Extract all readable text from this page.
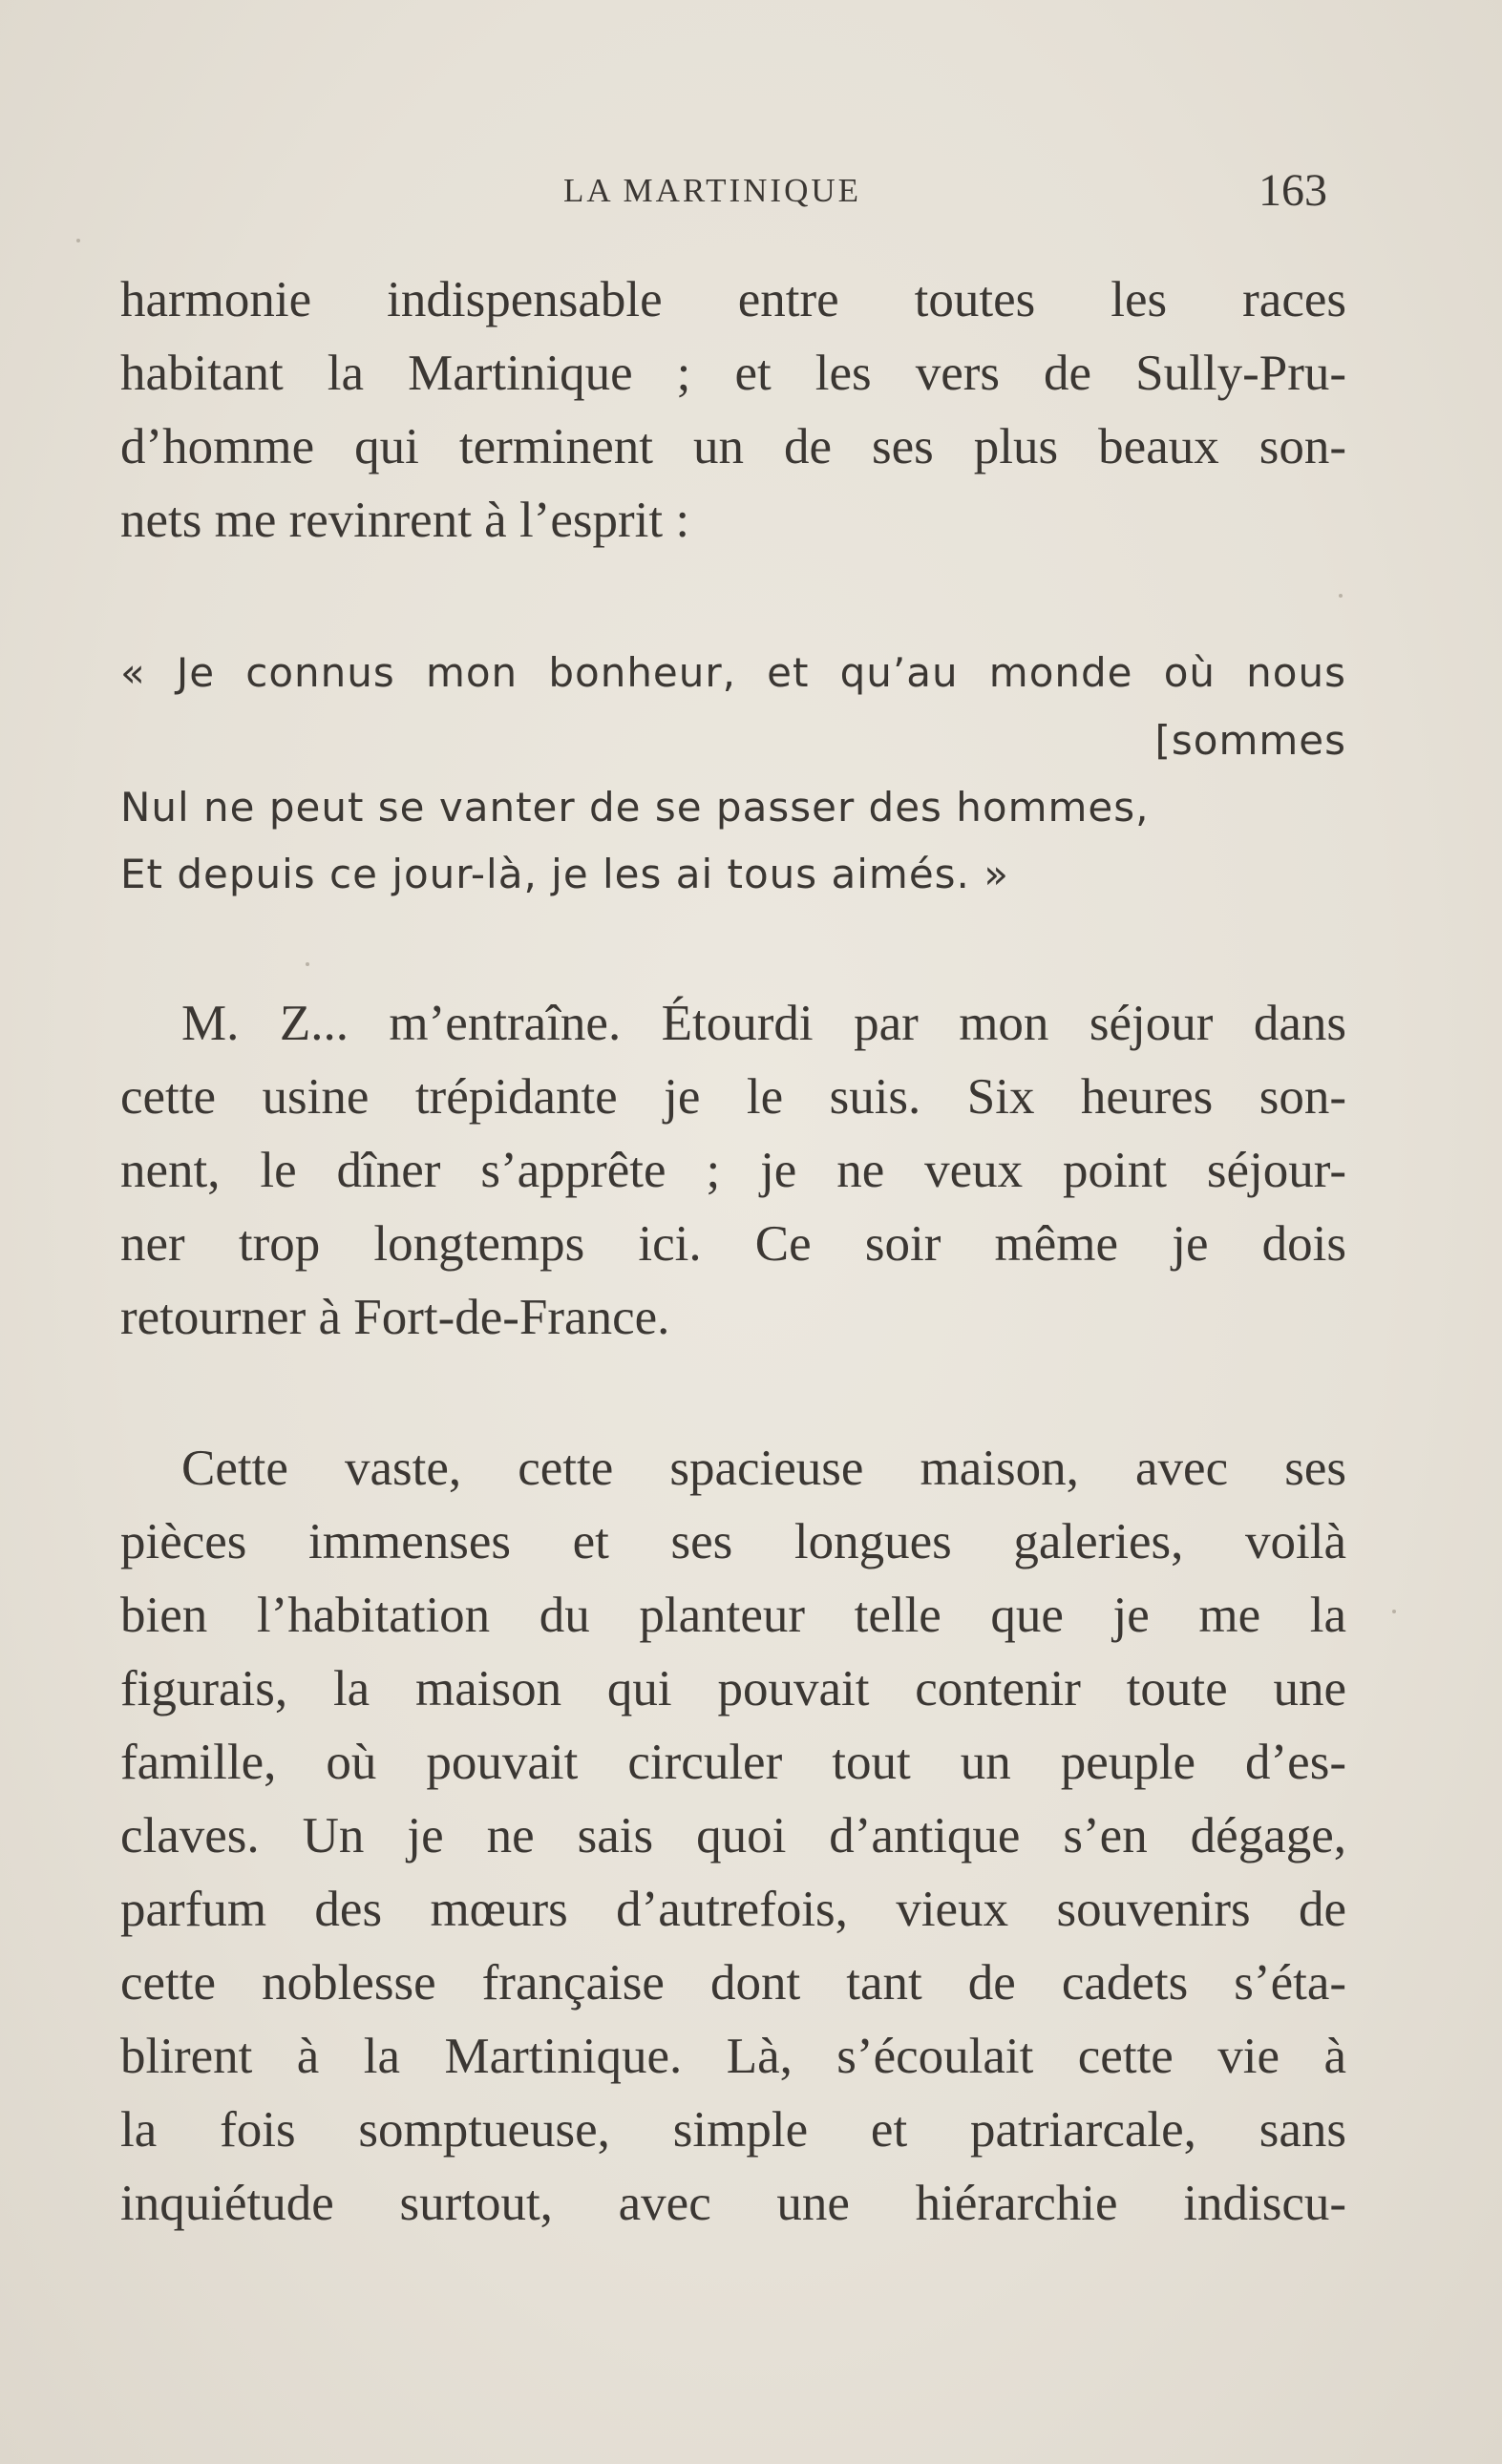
LA MARTINIQUE	163
harmonie indispensable entre toutes les races
habitant la Martinique ; et les vers de Sully-Pru-
d’homme qui terminent un de ses plus beaux son-
nets me revinrent à l’esprit :
« Je connus mon bonheur, et qu’au monde où nous
[sommes
Nul ne peut se vanter de se passer des hommes,
Et depuis ce jour-là, je les ai tous aimés. »
M. Z... m’entraîne. Étourdi par mon séjour dans
cette usine trépidante je le suis. Six heures son-
nent, le dîner s’apprête ; je ne veux point séjour-
ner trop longtemps ici. Ce soir même je dois
retourner à Fort-de-France.
Cette vaste, cette spacieuse maison, avec ses
pièces immenses et ses longues galeries, voilà
bien l’habitation du planteur telle que je me la
figurais, la maison qui pouvait contenir toute une
famille, où pouvait circuler tout un peuple d’es-
claves. Un je ne sais quoi d’antique s’en dégage,
parfum des mœurs d’autrefois, vieux souvenirs de
cette noblesse française dont tant de cadets s’éta-
blirent à la Martinique. Là, s’écoulait cette vie à
la fois somptueuse, simple et patriarcale, sans
inquiétude surtout, avec une hiérarchie indiscu-
